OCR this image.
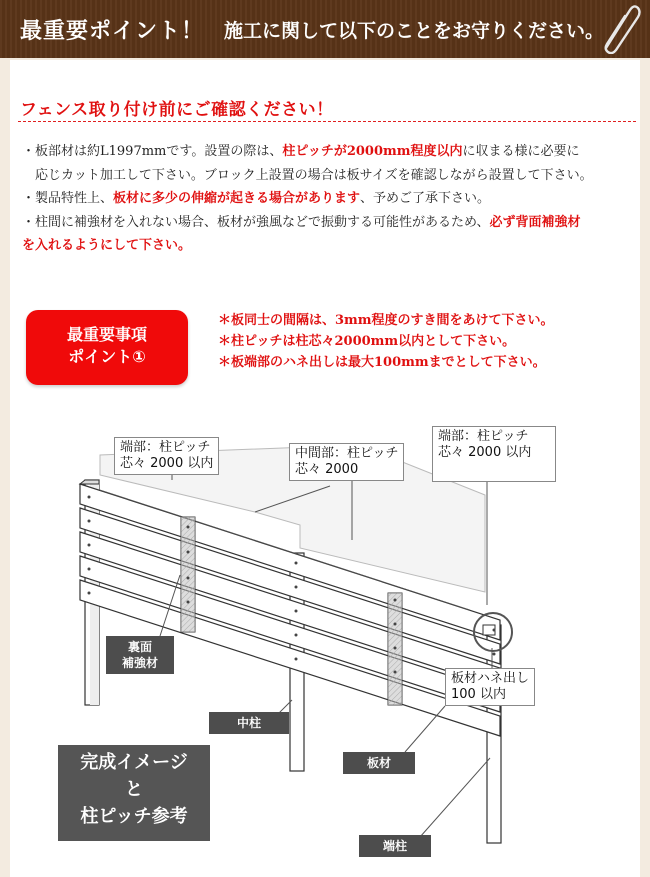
最重要ポイント！ 施工に関して以下のことをお守りください。
フェンス取り付け前にご確認ください！

・板部材は約L1997mmです。設置の際は、柱ピッチが2000mm程度以内に収まる様に必要に

　応じカット加工して下さい。ブロック上設置の場合は板サイズを確認しながら設置して下さい。

・製品特性上、板材に多少の伸縮が起きる場合があります、予めご了承下さい。

・柱間に補強材を入れない場合、板材が強風などで振動する可能性があるため、必ず背面補強材

を入れるようにして下さい。

最重要事項
ポイント①

＊板同士の間隔は、3mm程度のすき間をあけて下さい。

＊柱ピッチは柱芯々2000mm以内として下さい。

＊板端部のハネ出しは最大100mmまでとして下さい。

端部：柱ピッチ
芯々 2000 以内
中間部：柱ピッチ
芯々 2000
端部：柱ピッチ
芯々 2000 以内
板材ハネ出し
100 以内
裏面
補強材
中柱
板材
端柱
完成イメージ
と
柱ピッチ参考
